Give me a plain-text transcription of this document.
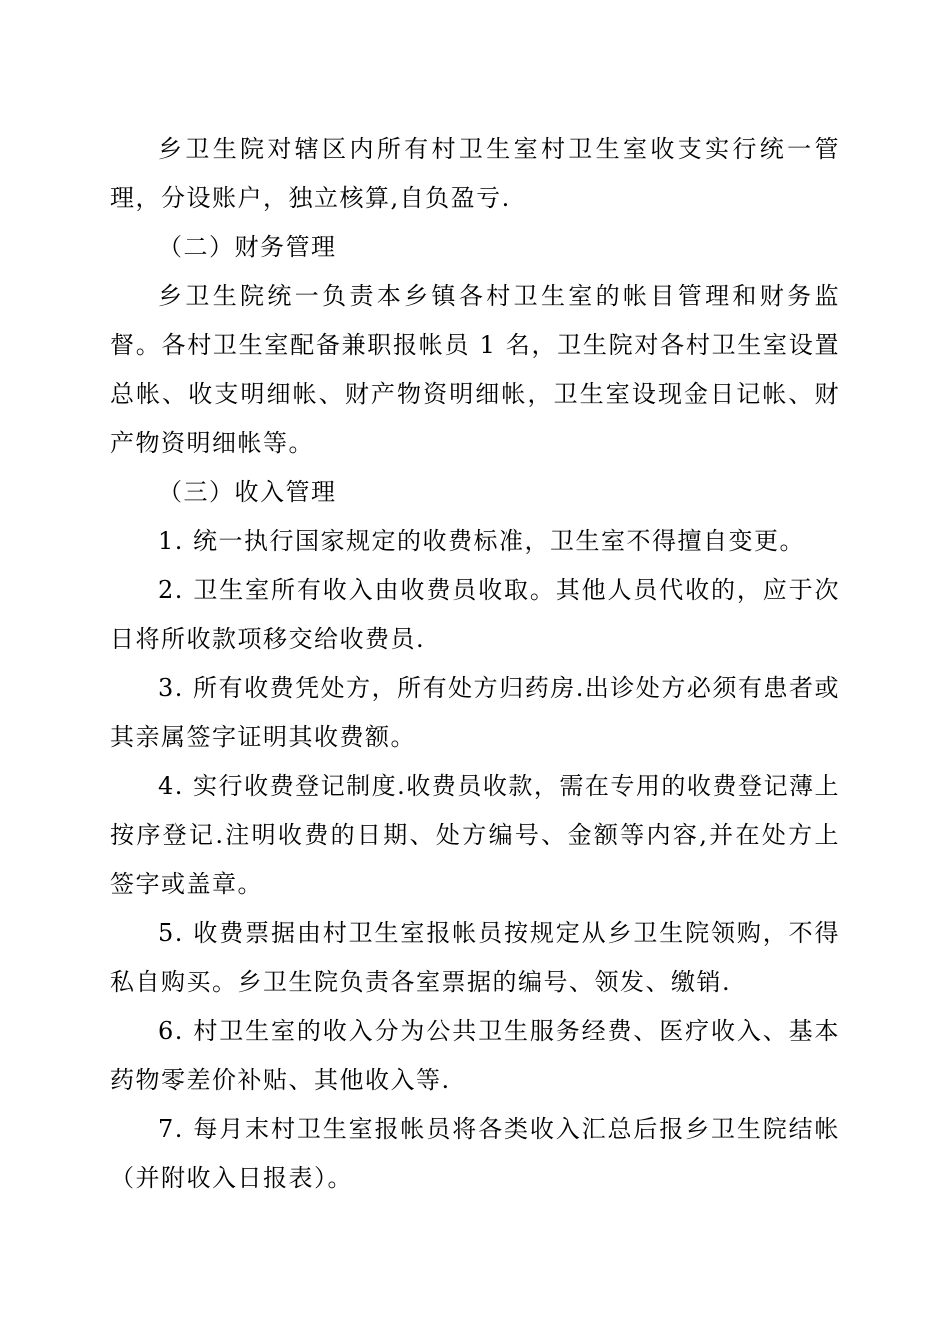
乡卫生院对辖区内所有村卫生室村卫生室收支实行统一管理，分设账户，独立核算,自负盈亏.

（二）财务管理

乡卫生院统一负责本乡镇各村卫生室的帐目管理和财务监督。各村卫生室配备兼职报帐员 1 名，卫生院对各村卫生室设置总帐、收支明细帐、财产物资明细帐，卫生室设现金日记帐、财产物资明细帐等。

（三）收入管理

1. 统一执行国家规定的收费标准，卫生室不得擅自变更。

2. 卫生室所有收入由收费员收取。其他人员代收的，应于次日将所收款项移交给收费员.

3. 所有收费凭处方，所有处方归药房.出诊处方必须有患者或其亲属签字证明其收费额。

4. 实行收费登记制度.收费员收款，需在专用的收费登记薄上按序登记.注明收费的日期、处方编号、金额等内容,并在处方上签字或盖章。

5. 收费票据由村卫生室报帐员按规定从乡卫生院领购，不得私自购买。乡卫生院负责各室票据的编号、领发、缴销.

6. 村卫生室的收入分为公共卫生服务经费、医疗收入、基本药物零差价补贴、其他收入等.

7. 每月末村卫生室报帐员将各类收入汇总后报乡卫生院结帐（并附收入日报表）。
